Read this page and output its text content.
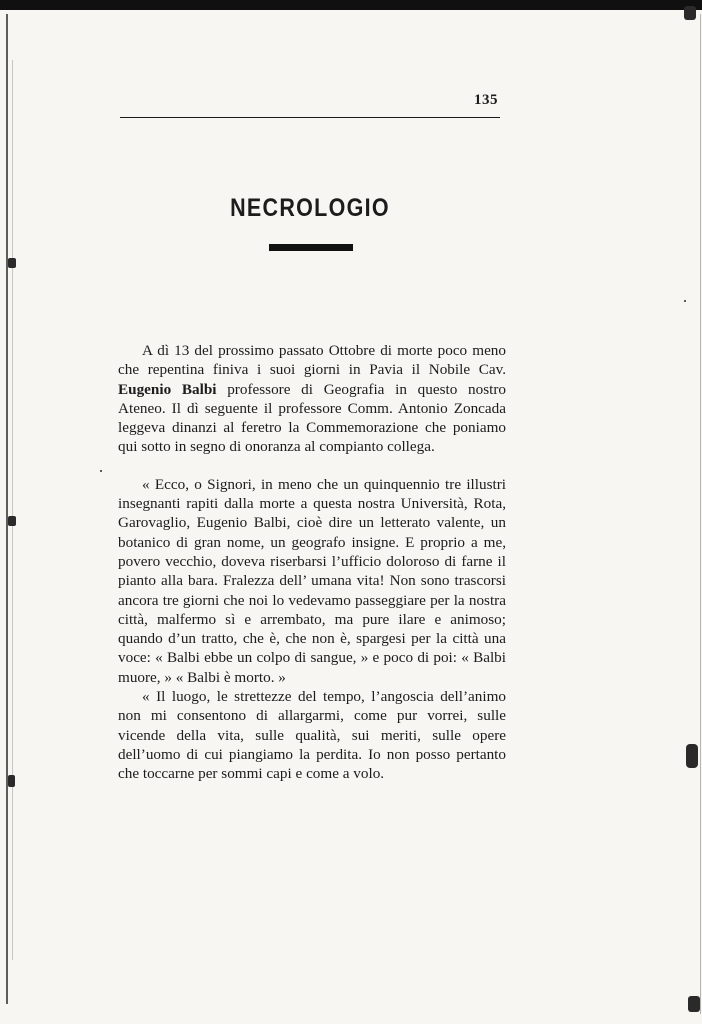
135
NECROLOGIO

A dì 13 del prossimo passato Ottobre di morte poco meno che repentina finiva i suoi giorni in Pavia il Nobile Cav. Eugenio Balbi professore di Geografia in questo nostro Ateneo. Il dì seguente il professore Comm. Antonio Zoncada leggeva dinanzi al feretro la Commemorazione che poniamo qui sotto in segno di onoranza al compianto collega.

« Ecco, o Signori, in meno che un quinquennio tre illustri insegnanti rapiti dalla morte a questa nostra Università, Rota, Garovaglio, Eugenio Balbi, cioè dire un letterato valente, un botanico di gran nome, un geografo insigne. E proprio a me, povero vecchio, doveva riserbarsi l’ufficio doloroso di farne il pianto alla bara. Fralezza dell’ umana vita! Non sono trascorsi ancora tre giorni che noi lo vedevamo passeggiare per la nostra città, malfermo sì e arrembato, ma pure ilare e animoso; quando d’un tratto, che è, che non è, spargesi per la città una voce: « Balbi ebbe un colpo di sangue, » e poco di poi: « Balbi muore, » « Balbi è morto. »

« Il luogo, le strettezze del tempo, l’angoscia dell’animo non mi consentono di allargarmi, come pur vorrei, sulle vicende della vita, sulle qualità, sui meriti, sulle opere dell’uomo di cui piangiamo la perdita. Io non posso pertanto che toccarne per sommi capi e come a volo.
